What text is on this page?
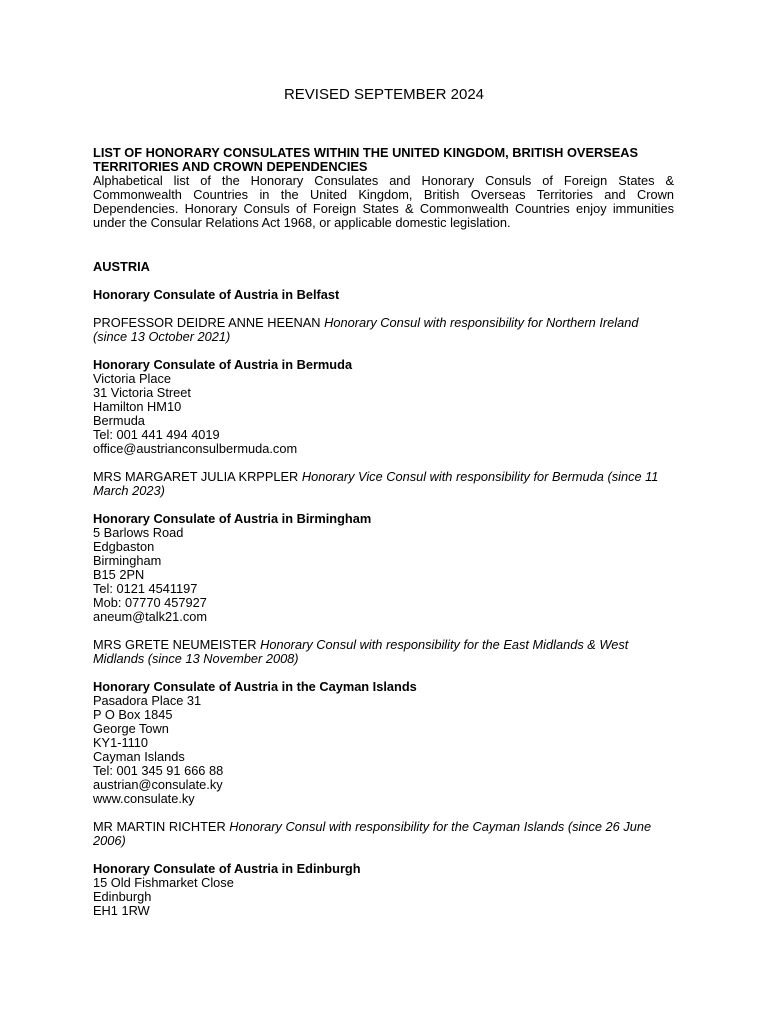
REVISED SEPTEMBER 2024
LIST OF HONORARY CONSULATES WITHIN THE UNITED KINGDOM, BRITISH OVERSEAS
TERRITORIES AND CROWN DEPENDENCIES
Alphabetical list of the Honorary Consulates and Honorary Consuls of Foreign States & Commonwealth Countries in the United Kingdom, British Overseas Territories and Crown Dependencies. Honorary Consuls of Foreign States & Commonwealth Countries enjoy immunities under the Consular Relations Act 1968, or applicable domestic legislation.
AUSTRIA
Honorary Consulate of Austria in Belfast
PROFESSOR DEIDRE ANNE HEENAN Honorary Consul with responsibility for Northern Ireland (since 13 October 2021)
Honorary Consulate of Austria in Bermuda
Victoria Place
31 Victoria Street
Hamilton HM10
Bermuda
Tel: 001 441 494 4019
office@austrianconsulbermuda.com
MRS MARGARET JULIA KRPPLER Honorary Vice Consul with responsibility for Bermuda (since 11 March 2023)
Honorary Consulate of Austria in Birmingham
5 Barlows Road
Edgbaston
Birmingham
B15 2PN
Tel: 0121 4541197
Mob: 07770 457927
aneum@talk21.com
MRS GRETE NEUMEISTER Honorary Consul with responsibility for the East Midlands & West Midlands (since 13 November 2008)
Honorary Consulate of Austria in the Cayman Islands
Pasadora Place 31
P O Box 1845
George Town
KY1-1110
Cayman Islands
Tel: 001 345 91 666 88
austrian@consulate.ky
www.consulate.ky
MR MARTIN RICHTER Honorary Consul with responsibility for the Cayman Islands (since 26 June 2006)
Honorary Consulate of Austria in Edinburgh
15 Old Fishmarket Close
Edinburgh
EH1 1RW
